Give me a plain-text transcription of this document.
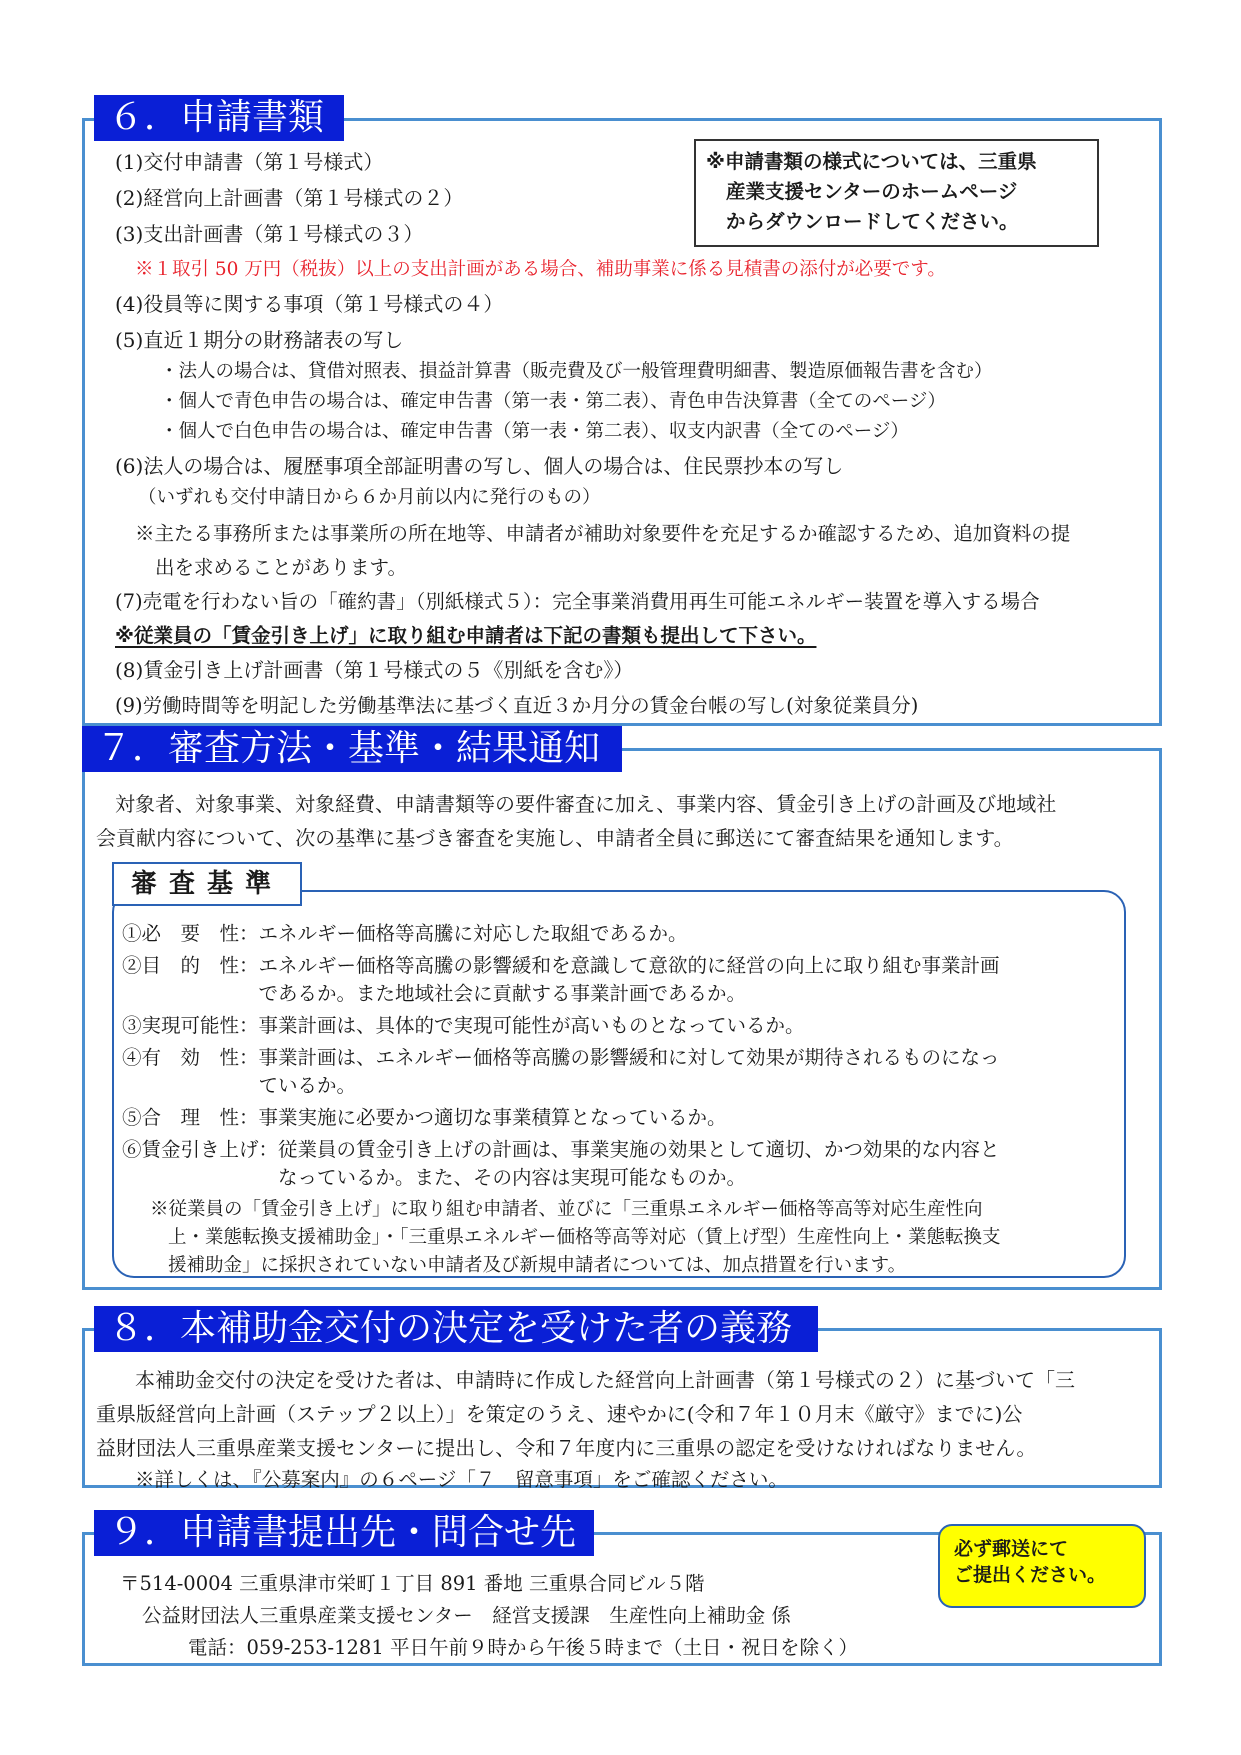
６．申請書類
(1)交付申請書（第１号様式）
(2)経営向上計画書（第１号様式の２）
(3)支出計画書（第１号様式の３）
※申請書類の様式については、三重県
産業支援センターのホームページ
からダウンロードしてください。
※１取引 50 万円（税抜）以上の支出計画がある場合、補助事業に係る見積書の添付が必要です。
(4)役員等に関する事項（第１号様式の４）
(5)直近１期分の財務諸表の写し
・法人の場合は、貸借対照表、損益計算書（販売費及び一般管理費明細書、製造原価報告書を含む）
・個人で青色申告の場合は、確定申告書（第一表・第二表）、青色申告決算書（全てのページ）
・個人で白色申告の場合は、確定申告書（第一表・第二表）、収支内訳書（全てのページ）
(6)法人の場合は、履歴事項全部証明書の写し、個人の場合は、住民票抄本の写し
（いずれも交付申請日から６か月前以内に発行のもの）
※主たる事務所または事業所の所在地等、申請者が補助対象要件を充足するか確認するため、追加資料の提
出を求めることがあります。
(7)売電を行わない旨の「確約書」（別紙様式５）：完全事業消費用再生可能エネルギー装置を導入する場合
※従業員の「賃金引き上げ」に取り組む申請者は下記の書類も提出して下さい。
(8)賃金引き上げ計画書（第１号様式の５《別紙を含む》）
(9)労働時間等を明記した労働基準法に基づく直近３か月分の賃金台帳の写し(対象従業員分)
７．審査方法・基準・結果通知
対象者、対象事業、対象経費、申請書類等の要件審査に加え、事業内容、賃金引き上げの計画及び地域社
会貢献内容について、次の基準に基づき審査を実施し、申請者全員に郵送にて審査結果を通知します。
審査基準
①必　要　性：エネルギー価格等高騰に対応した取組であるか。
②目　的　性：エネルギー価格等高騰の影響緩和を意識して意欲的に経営の向上に取り組む事業計画
　　　　　　　であるか。また地域社会に貢献する事業計画であるか。
③実現可能性：事業計画は、具体的で実現可能性が高いものとなっているか。
④有　効　性：事業計画は、エネルギー価格等高騰の影響緩和に対して効果が期待されるものになっ
　　　　　　　ているか。
⑤合　理　性：事業実施に必要かつ適切な事業積算となっているか。
⑥賃金引き上げ：従業員の賃金引き上げの計画は、事業実施の効果として適切、かつ効果的な内容と
　　　　　　　　なっているか。また、その内容は実現可能なものか。
※従業員の「賃金引き上げ」に取り組む申請者、並びに「三重県エネルギー価格等高等対応生産性向
上・業態転換支援補助金」・「三重県エネルギー価格等高等対応（賃上げ型）生産性向上・業態転換支
援補助金」に採択されていない申請者及び新規申請者については、加点措置を行います。
８．本補助金交付の決定を受けた者の義務
本補助金交付の決定を受けた者は、申請時に作成した経営向上計画書（第１号様式の２）に基づいて「三
重県版経営向上計画（ステップ２以上）」を策定のうえ、速やかに(令和７年１０月末《厳守》までに)公
益財団法人三重県産業支援センターに提出し、令和７年度内に三重県の認定を受けなければなりません。
※詳しくは、『公募案内』の６ページ「７　留意事項」をご確認ください。
９．申請書提出先・問合せ先
〒514-0004 三重県津市栄町１丁目 891 番地 三重県合同ビル５階
公益財団法人三重県産業支援センター　経営支援課　生産性向上補助金 係
電話：059-253-1281 平日午前９時から午後５時まで（土日・祝日を除く）
必ず郵送にて
ご提出ください。
